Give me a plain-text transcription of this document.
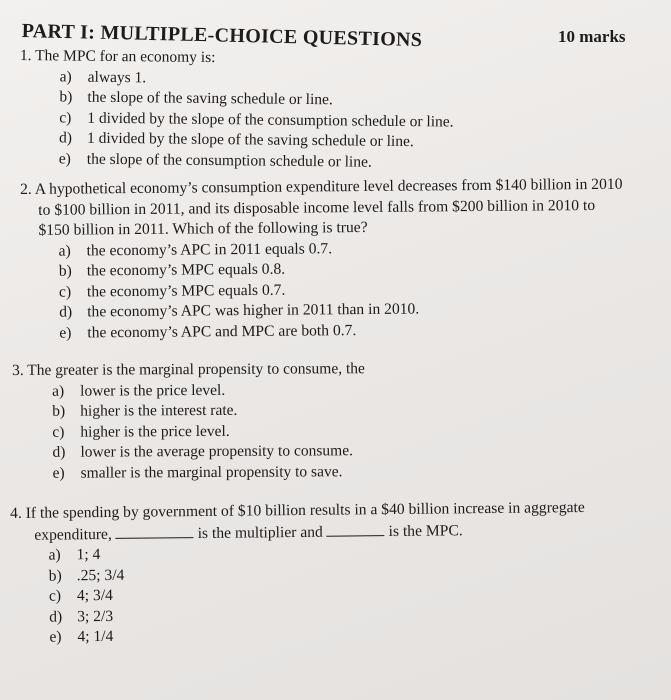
PART I: MULTIPLE-CHOICE QUESTIONS	10 marks
1. The MPC for an economy is:
a) always 1.
b) the slope of the saving schedule or line.
c) 1 divided by the slope of the consumption schedule or line.
d) 1 divided by the slope of the saving schedule or line.
e) the slope of the consumption schedule or line.
2. A hypothetical economy’s consumption expenditure level decreases from $140 billion in 2010
to $100 billion in 2011, and its disposable income level falls from $200 billion in 2010 to
$150 billion in 2011. Which of the following is true?
a) the economy’s APC in 2011 equals 0.7.
b) the economy’s MPC equals 0.8.
c) the economy’s MPC equals 0.7.
d) the economy’s APC was higher in 2011 than in 2010.
e) the economy’s APC and MPC are both 0.7.
3. The greater is the marginal propensity to consume, the
a) lower is the price level.
b) higher is the interest rate.
c) higher is the price level.
d) lower is the average propensity to consume.
e) smaller is the marginal propensity to save.
4. If the spending by government of $10 billion results in a $40 billion increase in aggregate
expenditure,	is the multiplier and	is the MPC.
a) 1; 4
b) .25; 3/4
c) 4; 3/4
d) 3; 2/3
e) 4; 1/4
